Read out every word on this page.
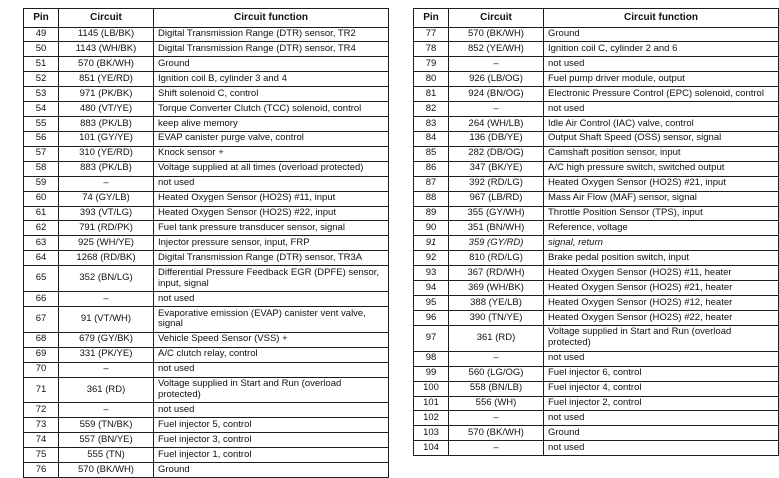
Pin	Circuit	Circuit function
49	1145 (LB/BK)	Digital Transmission Range (DTR) sensor, TR2
50	1143 (WH/BK)	Digital Transmission Range (DTR) sensor, TR4
51	570 (BK/WH)	Ground
52	851 (YE/RD)	Ignition coil B, cylinder 3 and 4
53	971 (PK/BK)	Shift solenoid C, control
54	480 (VT/YE)	Torque Converter Clutch (TCC) solenoid, control
55	883 (PK/LB)	keep alive memory
56	101 (GY/YE)	EVAP canister purge valve, control
57	310 (YE/RD)	Knock sensor +
58	883 (PK/LB)	Voltage supplied at all times (overload protected)
59	–	not used
60	74 (GY/LB)	Heated Oxygen Sensor (HO2S) #11, input
61	393 (VT/LG)	Heated Oxygen Sensor (HO2S) #22, input
62	791 (RD/PK)	Fuel tank pressure transducer sensor, signal
63	925 (WH/YE)	Injector pressure sensor, input, FRP
64	1268 (RD/BK)	Digital Transmission Range (DTR) sensor, TR3A
65	352 (BN/LG)	Differential Pressure Feedback EGR (DPFE) sensor, input, signal
66	–	not used
67	91 (VT/WH)	Evaporative emission (EVAP) canister vent valve, signal
68	679 (GY/BK)	Vehicle Speed Sensor (VSS) +
69	331 (PK/YE)	A/C clutch relay, control
70	–	not used
71	361 (RD)	Voltage supplied in Start and Run (overload protected)
72	–	not used
73	559 (TN/BK)	Fuel injector 5, control
74	557 (BN/YE)	Fuel injector 3, control
75	555 (TN)	Fuel injector 1, control
76	570 (BK/WH)	Ground
Pin	Circuit	Circuit function
77	570 (BK/WH)	Ground
78	852 (YE/WH)	Ignition coil C, cylinder 2 and 6
79	–	not used
80	926 (LB/OG)	Fuel pump driver module, output
81	924 (BN/OG)	Electronic Pressure Control (EPC) solenoid, control
82	–	not used
83	264 (WH/LB)	Idle Air Control (IAC) valve, control
84	136 (DB/YE)	Output Shaft Speed (OSS) sensor, signal
85	282 (DB/OG)	Camshaft position sensor, input
86	347 (BK/YE)	A/C high pressure switch, switched output
87	392 (RD/LG)	Heated Oxygen Sensor (HO2S) #21, input
88	967 (LB/RD)	Mass Air Flow (MAF) sensor, signal
89	355 (GY/WH)	Throttle Position Sensor (TPS), input
90	351 (BN/WH)	Reference, voltage
91	359 (GY/RD)	signal, return
92	810 (RD/LG)	Brake pedal position switch, input
93	367 (RD/WH)	Heated Oxygen Sensor (HO2S) #11, heater
94	369 (WH/BK)	Heated Oxygen Sensor (HO2S) #21, heater
95	388 (YE/LB)	Heated Oxygen Sensor (HO2S) #12, heater
96	390 (TN/YE)	Heated Oxygen Sensor (HO2S) #22, heater
97	361 (RD)	Voltage supplied in Start and Run (overload protected)
98	–	not used
99	560 (LG/OG)	Fuel injector 6, control
100	558 (BN/LB)	Fuel injector 4, control
101	556 (WH)	Fuel injector 2, control
102	–	not used
103	570 (BK/WH)	Ground
104	–	not used
